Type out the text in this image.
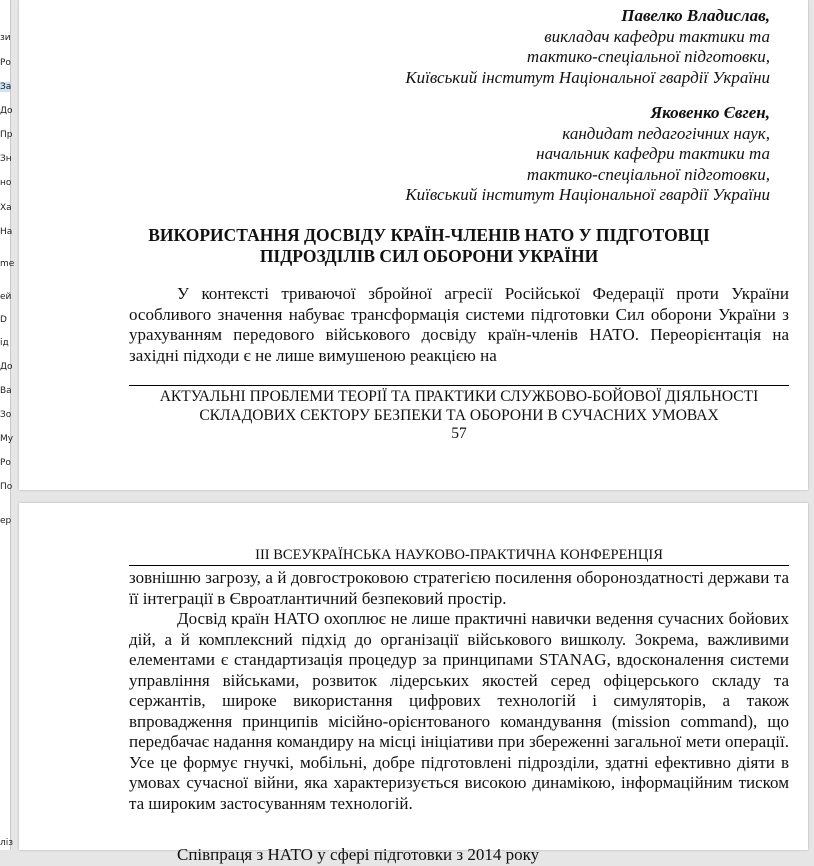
зи
Ро
За
До
Пр
Зн
но
Ха
На
me
ей
D
ід
До
Ва
Зо
Му
Ро
По
ер
ліз
Павелко Владислав,
викладач кафедри тактики та
тактико-спеціальної підготовки,
Київський інститут Національної гвардії України
Яковенко Євген,
кандидат педагогічних наук,
начальник кафедри тактики та
тактико-спеціальної підготовки,
Київський інститут Національної гвардії України
ВИКОРИСТАННЯ ДОСВІДУ КРАЇН-ЧЛЕНІВ НАТО У ПІДГОТОВЦІ ПІДРОЗДІЛІВ СИЛ ОБОРОНИ УКРАЇНИ

У контексті триваючої збройної агресії Російської Федерації проти України особливого значення набуває трансформація системи підготовки Сил оборони України з урахуванням передового військового досвіду країн-членів НАТО. Переорієнтація на західні підходи є не лише вимушеною реакцією на

АКТУАЛЬНІ ПРОБЛЕМИ ТЕОРІЇ ТА ПРАКТИКИ СЛУЖБОВО-БОЙОВОЇ ДІЯЛЬНОСТІ СКЛАДОВИХ СЕКТОРУ БЕЗПЕКИ ТА ОБОРОНИ В СУЧАСНИХ УМОВАХ
57
ІІІ ВСЕУКРАЇНСЬКА НАУКОВО-ПРАКТИЧНА КОНФЕРЕНЦІЯ

зовнішню загрозу, а й довгостроковою стратегією посилення обороноздатності держави та її інтеграції в Євроатлантичний безпековий простір.

Досвід країн НАТО охоплює не лише практичні навички ведення сучасних бойових дій, а й комплексний підхід до організації військового вишколу. Зокрема, важливими елементами є стандартизація процедур за принципами STANAG, вдосконалення системи управління військами, розвиток лідерських якостей серед офіцерського складу та сержантів, широке використання цифрових технологій і симуляторів, а також впровадження принципів місійно-орієнтованого командування (mission command), що передбачає надання командиру на місці ініціативи при збереженні загальної мети операції. Усе це формує гнучкі, мобільні, добре підготовлені підрозділи, здатні ефективно діяти в умовах сучасної війни, яка характеризується високою динамікою, інформаційним тиском та широким застосуванням технологій.

Співпраця з НАТО у сфері підготовки з 2014 року
